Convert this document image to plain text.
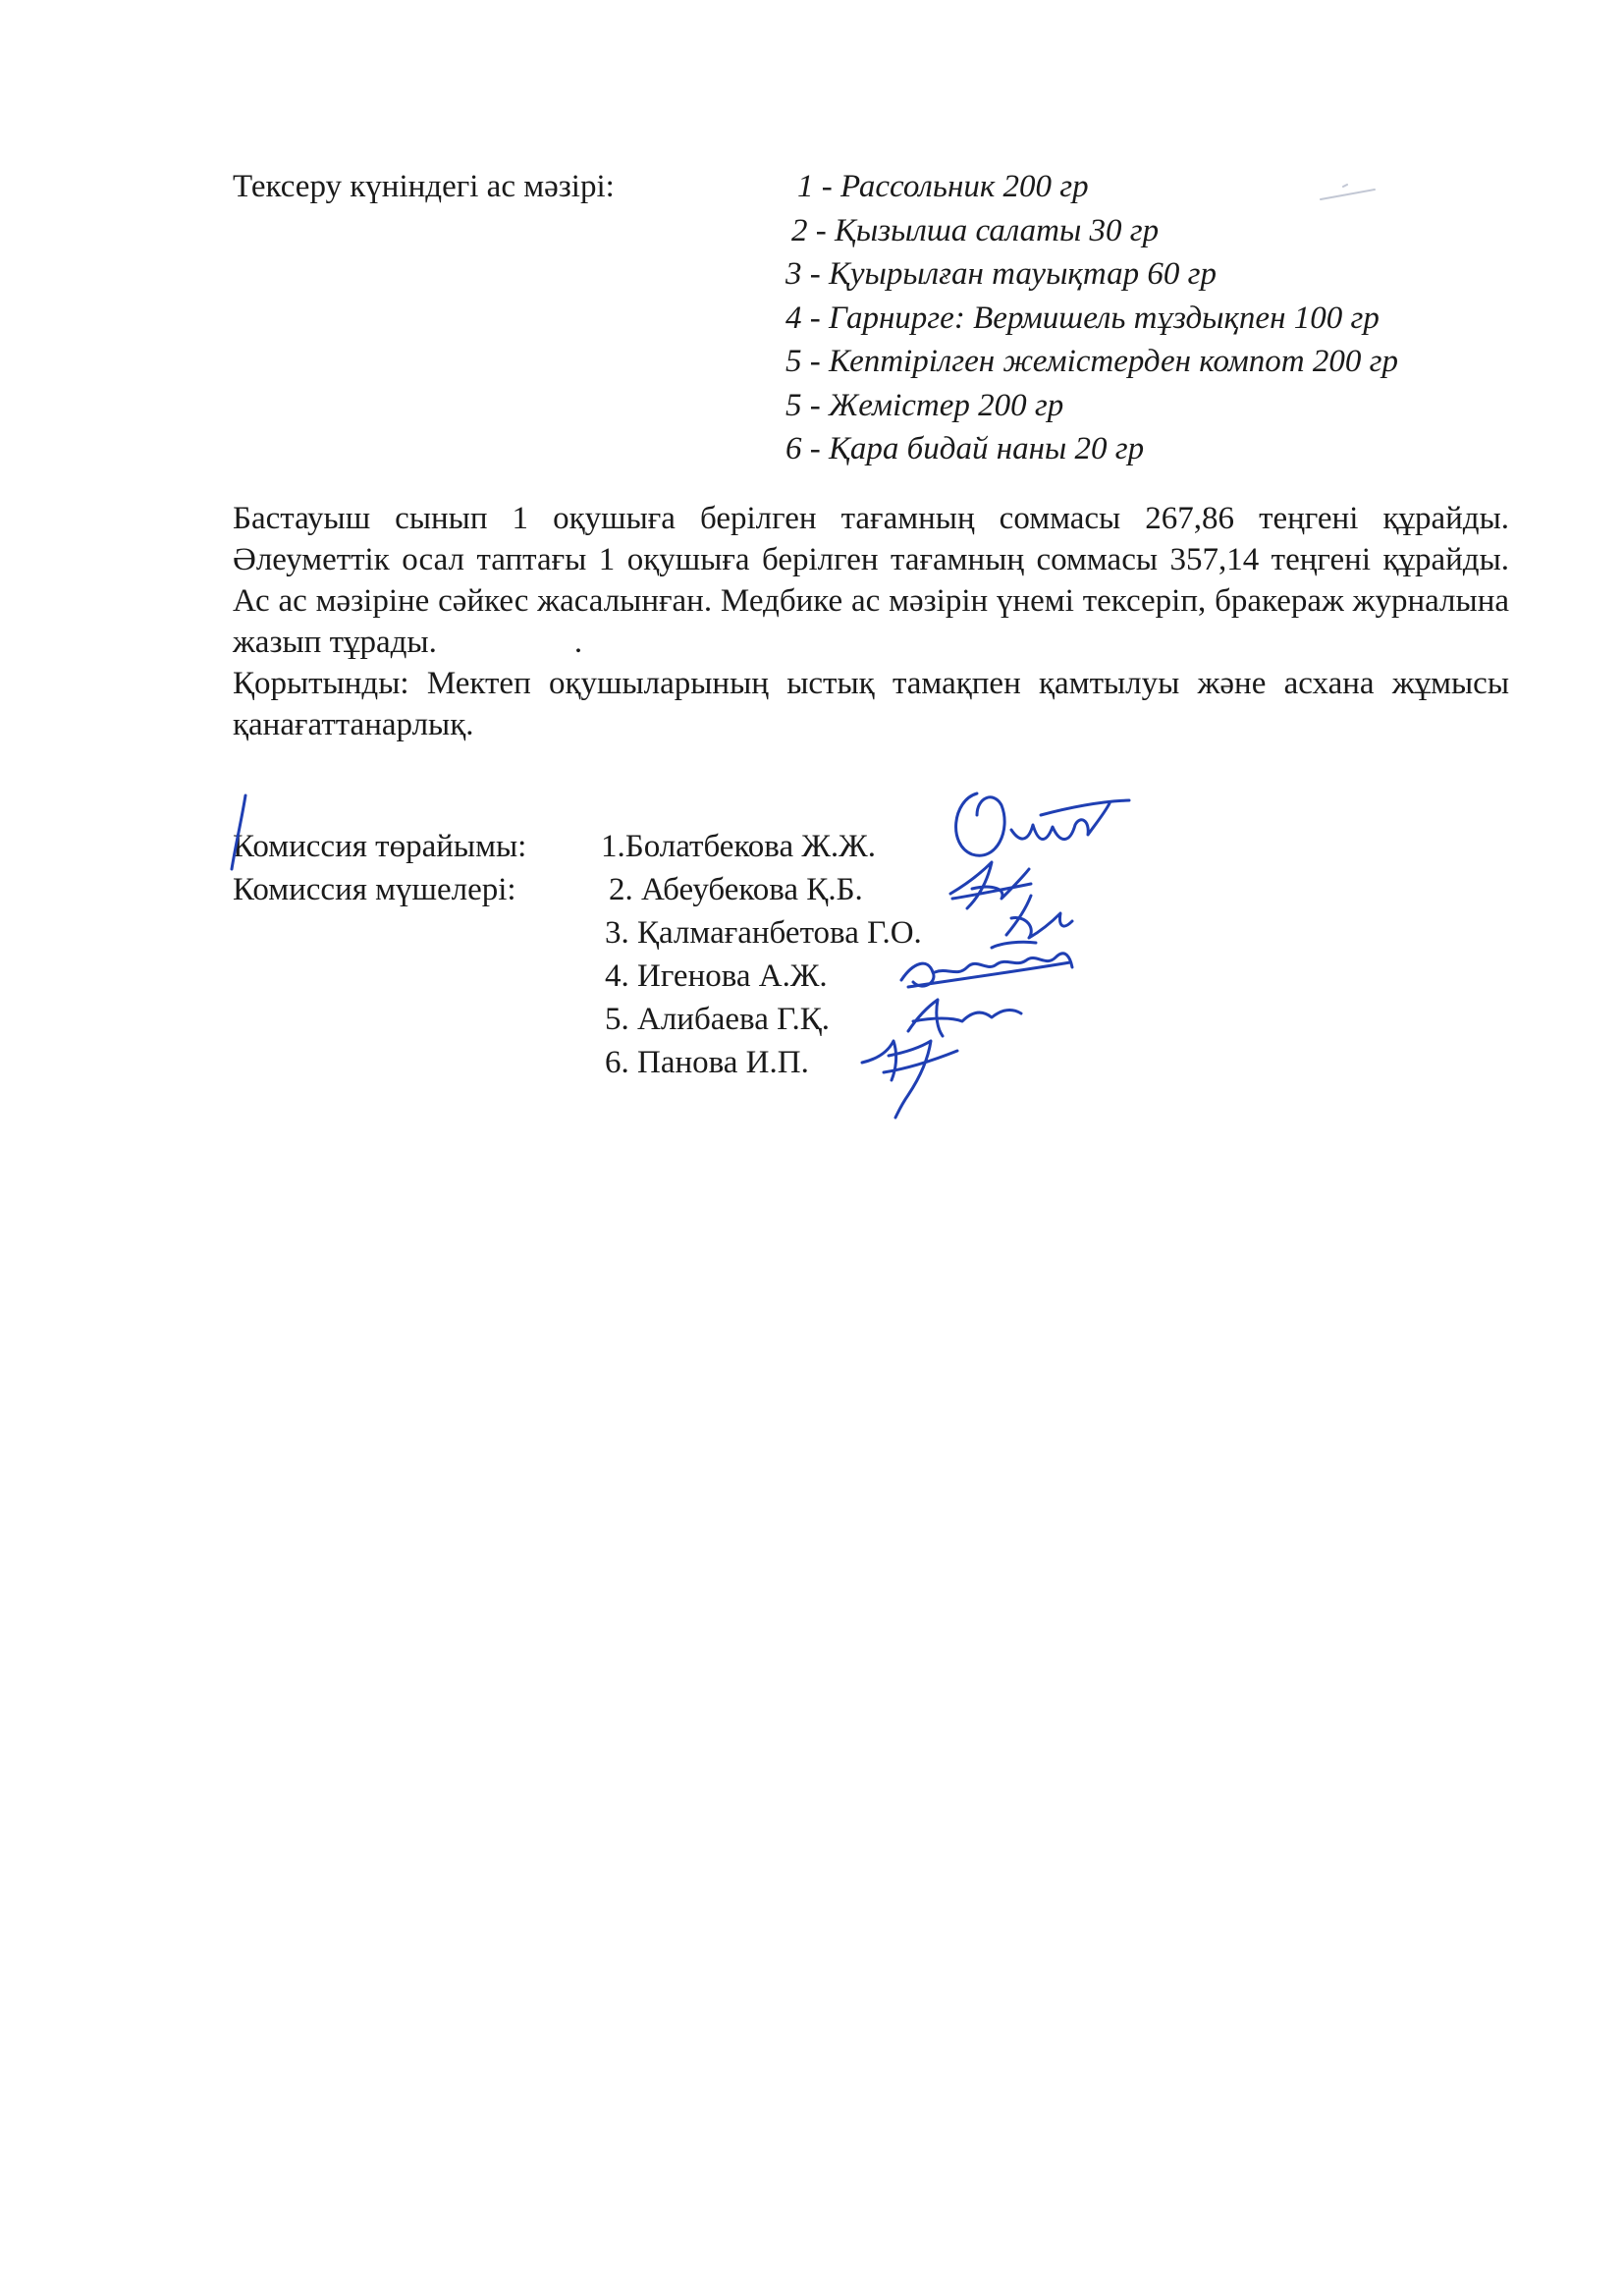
Тексеру күніндегі ас мәзірі:	1 - Рассольник 200 гр
2 - Қызылша салаты 30 гр
3 - Қуырылған тауықтар 60 гр
4 - Гарнирге: Вермишель тұздықпен 100 гр
5 - Кептірілген жемістерден компот 200 гр
5 - Жемістер 200 гр
6 - Қара бидай наны 20 гр

Бастауыш сынып 1 оқушыға берілген тағамның соммасы 267,86 теңгені құрайды. Әлеуметтік осал таптағы 1 оқушыға берілген тағамның соммасы 357,14 теңгені құрайды. Ас ас мәзіріне сәйкес жасалынған. Медбике ас мәзірін үнемі тексеріп, бракераж журналына жазып тұрады.	.

Қорытынды: Мектеп оқушыларының ыстық тамақпен қамтылуы және асхана жұмысы қанағаттанарлық.

Комиссия төрайымы: 1.Болатбекова Ж.Ж.
Комиссия мүшелері:	2. Абеубекова Қ.Б.
3. Қалмағанбетова Г.О.
4. Игенова А.Ж.
5. Алибаева Г.Қ.
6. Панова И.П.
